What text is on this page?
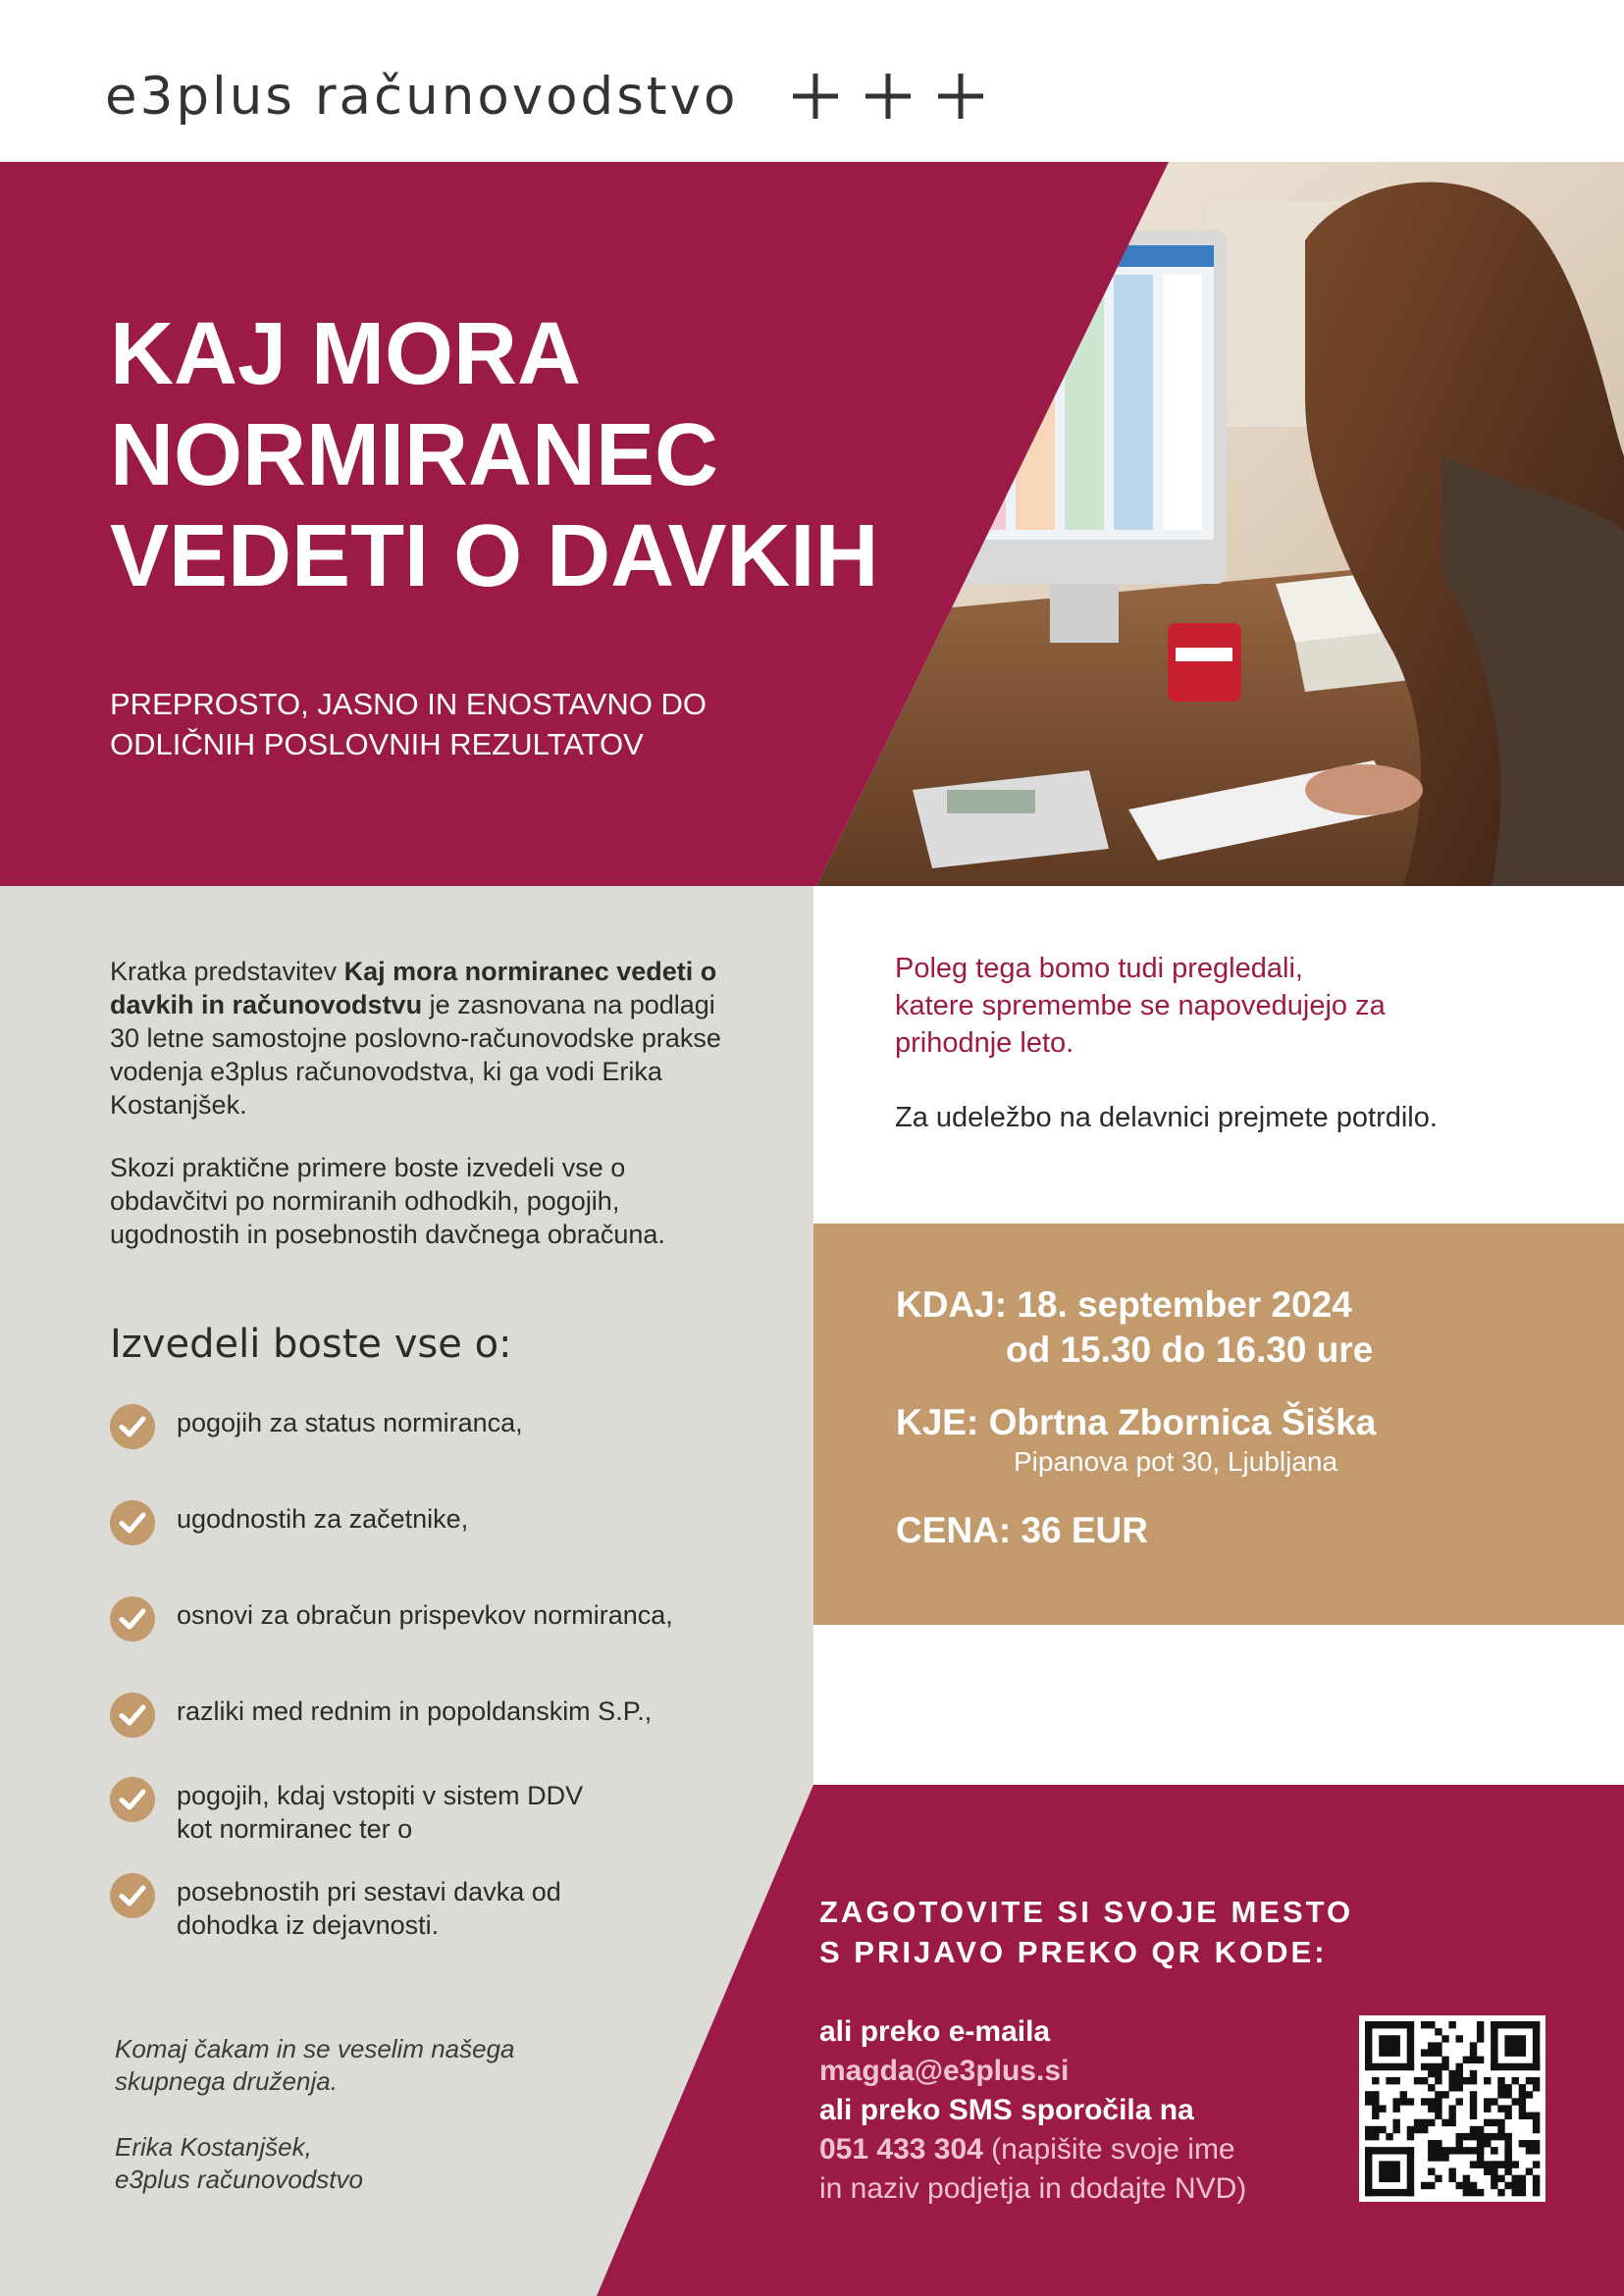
e3plus računovodstvo
KAJ MORA
NORMIRANEC
VEDETI O DAVKIH
PREPROSTO, JASNO IN ENOSTAVNO DO
ODLIČNIH POSLOVNIH REZULTATOV

Kratka predstavitev Kaj mora normiranec vedeti o davkih in računovodstvu je zasnovana na podlagi 30 letne samostojne poslovno-računovodske prakse vodenja e3plus računovodstva, ki ga vodi Erika Kostanjšek.

Skozi praktične primere boste izvedeli vse o obdavčitvi po normiranih odhodkih, pogojih, ugodnostih in posebnostih davčnega obračuna.

Izvedeli boste vse o:
pogojih za status normiranca,
ugodnostih za začetnike,
osnovi za obračun prispevkov normiranca,
razliki med rednim in popoldanskim S.P.,
pogojih, kdaj vstopiti v sistem DDV
kot normiranec ter o
posebnostih pri sestavi davka od
dohodka iz dejavnosti.
Komaj čakam in se veselim našega
skupnega druženja.
Erika Kostanjšek,
e3plus računovodstvo
Poleg tega bomo tudi pregledali,
katere spremembe se napovedujejo za
prihodnje leto.
Za udeležbo na delavnici prejmete potrdilo.
KDAJ: 18. september 2024
od 15.30 do 16.30 ure
KJE: Obrtna Zbornica Šiška
Pipanova pot 30, Ljubljana
CENA: 36 EUR
ZAGOTOVITE SI SVOJE MESTO
S PRIJAVO PREKO QR KODE:
ali preko e-maila
magda@e3plus.si
ali preko SMS sporočila na
051 433 304 (napišite svoje ime
in naziv podjetja in dodajte NVD)
